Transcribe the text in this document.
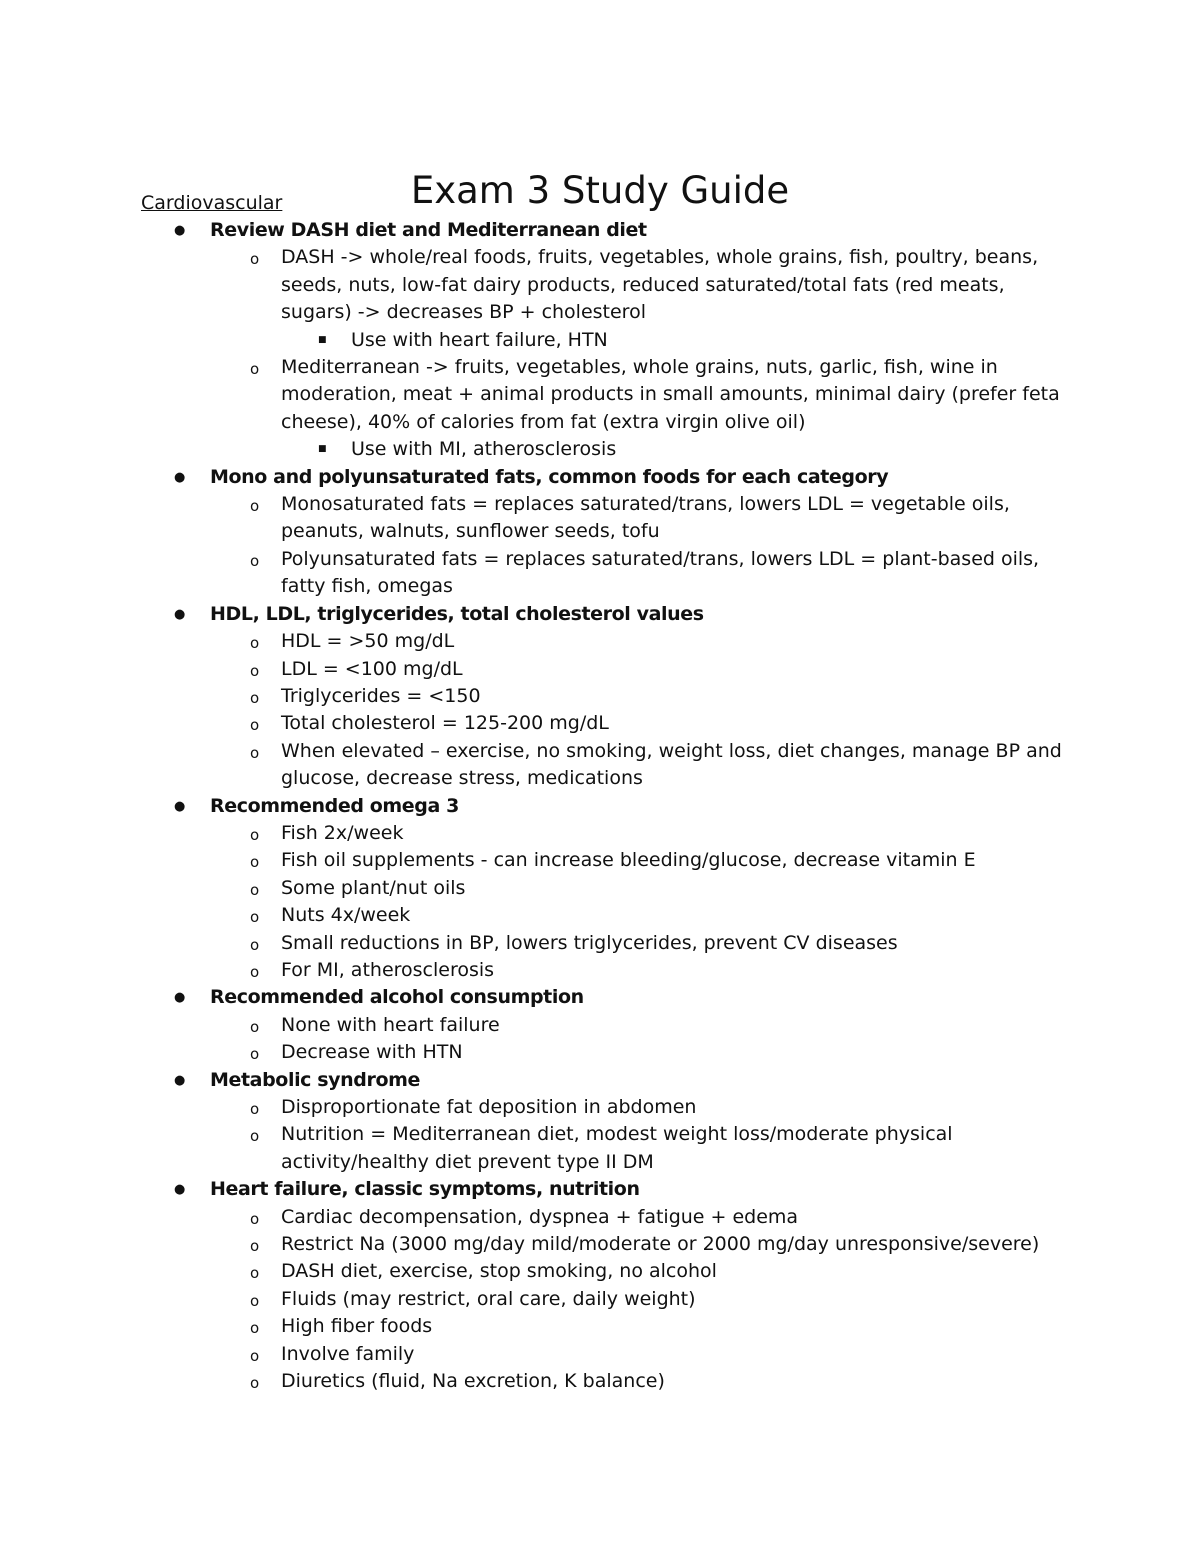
Exam 3 Study Guide
Cardiovascular
● Review DASH diet and Mediterranean diet
o DASH -> whole/real foods, fruits, vegetables, whole grains, fish, poultry, beans, seeds, nuts, low-fat dairy products, reduced saturated/total fats (red meats, sugars) -> decreases BP + cholesterol
■ Use with heart failure, HTN
o Mediterranean -> fruits, vegetables, whole grains, nuts, garlic, fish, wine in moderation, meat + animal products in small amounts, minimal dairy (prefer feta cheese), 40% of calories from fat (extra virgin olive oil)
■ Use with MI, atherosclerosis
● Mono and polyunsaturated fats, common foods for each category
o Monosaturated fats = replaces saturated/trans, lowers LDL = vegetable oils, peanuts, walnuts, sunflower seeds, tofu
o Polyunsaturated fats = replaces saturated/trans, lowers LDL = plant-based oils, fatty fish, omegas
● HDL, LDL, triglycerides, total cholesterol values
o HDL = >50 mg/dL
o LDL = <100 mg/dL
o Triglycerides = <150
o Total cholesterol = 125-200 mg/dL
o When elevated – exercise, no smoking, weight loss, diet changes, manage BP and glucose, decrease stress, medications
● Recommended omega 3
o Fish 2x/week
o Fish oil supplements - can increase bleeding/glucose, decrease vitamin E
o Some plant/nut oils
o Nuts 4x/week
o Small reductions in BP, lowers triglycerides, prevent CV diseases
o For MI, atherosclerosis
● Recommended alcohol consumption
o None with heart failure
o Decrease with HTN
● Metabolic syndrome
o Disproportionate fat deposition in abdomen
o Nutrition = Mediterranean diet, modest weight loss/moderate physical activity/healthy diet prevent type II DM
● Heart failure, classic symptoms, nutrition
o Cardiac decompensation, dyspnea + fatigue + edema
o Restrict Na (3000 mg/day mild/moderate or 2000 mg/day unresponsive/severe)
o DASH diet, exercise, stop smoking, no alcohol
o Fluids (may restrict, oral care, daily weight)
o High fiber foods
o Involve family
o Diuretics (fluid, Na excretion, K balance)
